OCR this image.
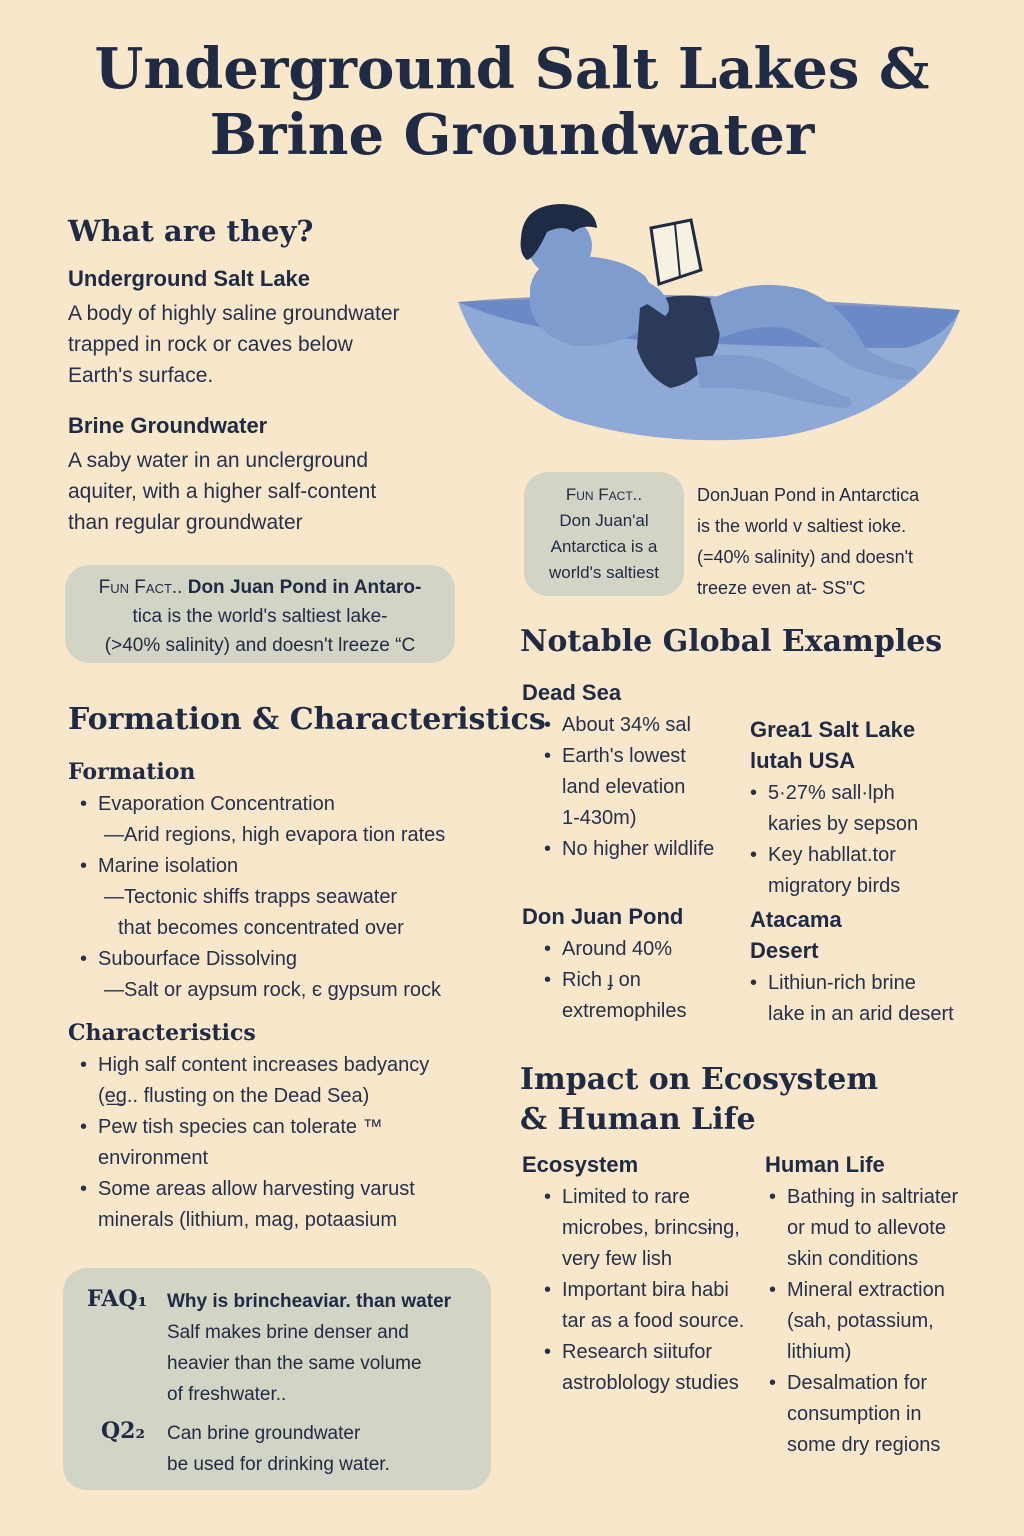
Underground Salt Lakes &
Brine Groundwater
What are they?

Underground Salt Lake

A body of highly saline groundwater

trapped in rock or caves below

Earth's surface.

Brine Groundwater

A saby water in an unclerground

aquiter, with a higher salf-content

than regular groundwater

Fun Fact.. Don Juan Pond in Antaro-
tica is the world's saltiest lake-
(>40% salinity) and doesn't lreeze “C
Fun Fact..
Don Juan'al
Antarctica is a
world's saltiest
DonJuan Pond in Antarctica
is the world v saltiest ioke.
(=40% salinity) and doesn't
treeze even at- SS"C
Formation & Characteristics

Formation

• Evaporation Concentration
—Arid regions, high evapora tion rates
• Marine isolation
—Tectonic shiffs trapps seawater
that becomes concentrated over
• Subourface Dissolving
—Salt or aypsum rock, є gypsum rock

Characteristics

• High salf content increases badyancy
(e͟g.. flusting on the Dead Sea)
• Pew tish species can tolerate ™
environment
• Some areas allow harvesting varust
minerals (lithium, mag, potaasium
FAQ₁ Why is brincheaviar. than water
Salf makes brine denser and
heavier than the same volume
of freshwater..
Q2₂ Can brine groundwater
be used for drinking water.
Notable Global Examples

Dead Sea

• About 34% sal
• Earth's lowest
land elevation
1-430m)
• No higher wildlife

Grea1 Salt Lake
lutah USA

• 5·27% sall·lph
karies by sepson
• Key habllat.tor
migratory birds

Don Juan Pond

• Around 40%
• Rich ɟ on
extremophiles

Atacama
Desert

• Lithiun-rich brine
lake in an arid desert
Impact on Ecosystem
& Human Life

Ecosystem

• Limited to rare
microbes, brincsɨng,
very few lish
• Important bira habi
tar as a food source.
• Research siitufor
astroblology studies

Human Life

• Bathing in saltriater
or mud to allevote
skin conditions
• Mineral extraction
(sah, potassium,
lithium)
• Desalmation for
consumption in
some dry regions
